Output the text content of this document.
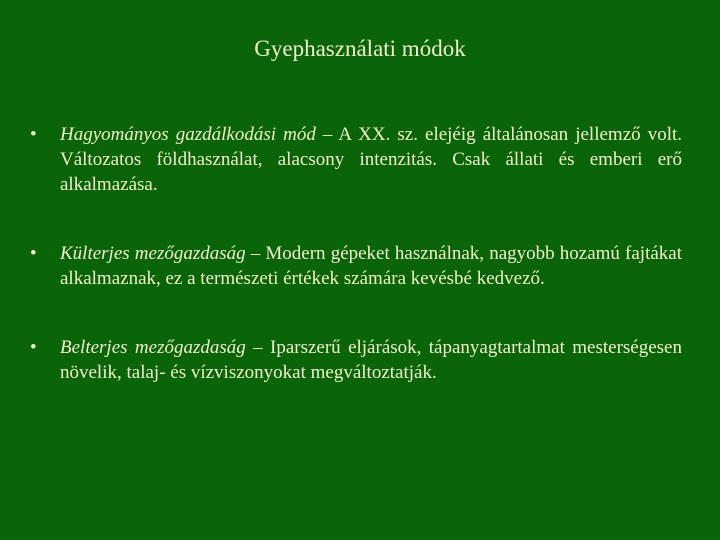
Gyephasználati módok
• Hagyományos gazdálkodási mód – A XX. sz. elejéig általánosan jellemző volt. Változatos földhasználat, alacsony intenzitás. Csak állati és emberi erő alkalmazása.
• Külterjes mezőgazdaság – Modern gépeket használnak, nagyobb hozamú fajtákat alkalmaznak, ez a természeti értékek számára kevésbé kedvező.
• Belterjes mezőgazdaság – Iparszerű eljárások, tápanyagtartalmat mesterségesen növelik, talaj- és vízviszonyokat megváltoztatják.
